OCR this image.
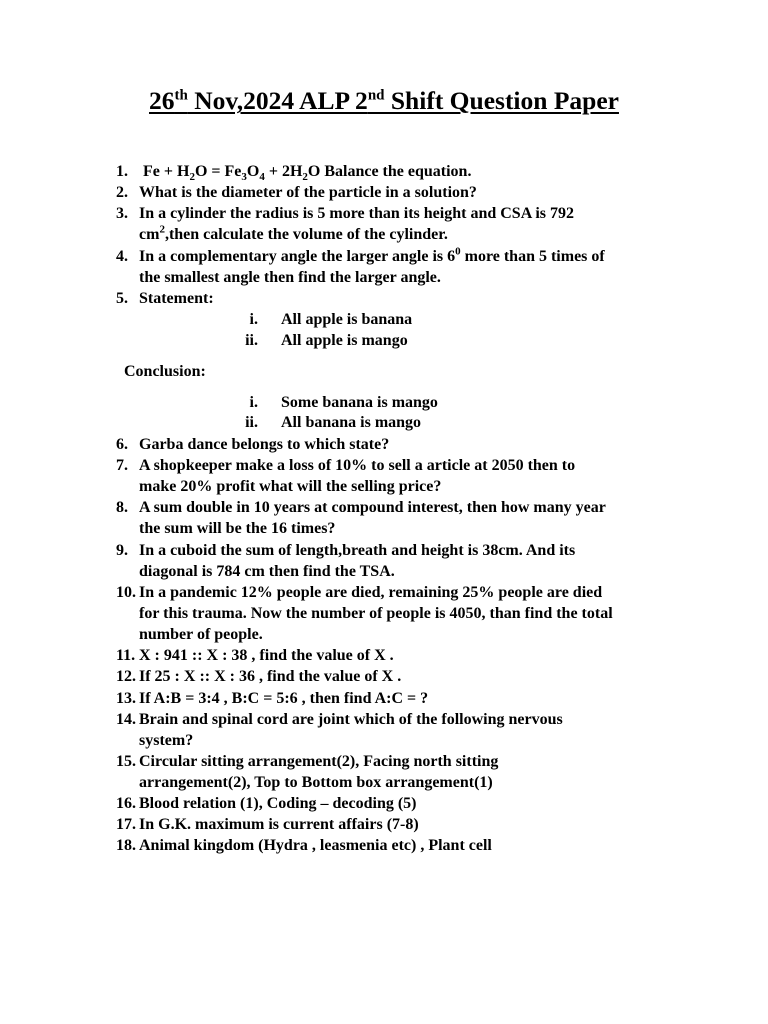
26th Nov,2024 ALP 2nd Shift Question Paper
1. $Fe + H_2O = Fe_3O_4 + 2H_2O$ Balance the equation.
2. What is the diameter of the particle in a solution?
3. In a cylinder the radius is 5 more than its height and CSA is 792
$cm^2,then$ calculate the volume of the cylinder.
4. In a complementary angle the larger angle is $6^0$ more than 5 times of
the smallest angle then find the larger angle.
5. Statement:
i. All apple is banana
ii. All apple is mango
Conclusion:
i. Some banana is mango
ii. All banana is mango
6. Garba dance belongs to which state?
7. A shopkeeper make a loss of 10% to sell a article at 2050 then to
make 20% profit what will the selling price?
8. A sum double in 10 years at compound interest, then how many year
the sum will be the 16 times?
9. In a cuboid the sum of length,breath and height is 38cm. And its
diagonal is 784 cm then find the TSA.
10. In a pandemic 12% people are died, remaining 25% people are died
for this trauma. Now the number of people is 4050, than find the total
number of people.
11. X : 941 :: X : 38 , find the value of X .
12. If 25 : X :: X : 36 , find the value of X .
13. If A:B = 3:4 , B:C = 5:6 , then find A:C = ?
14. Brain and spinal cord are joint which of the following nervous
system?
15. Circular sitting arrangement(2), Facing north sitting
arrangement(2), Top to Bottom box arrangement(1)
16. Blood relation (1), Coding – decoding (5)
17. In G.K. maximum is current affairs (7-8)
18. Animal kingdom (Hydra , leasmenia etc) , Plant cell
